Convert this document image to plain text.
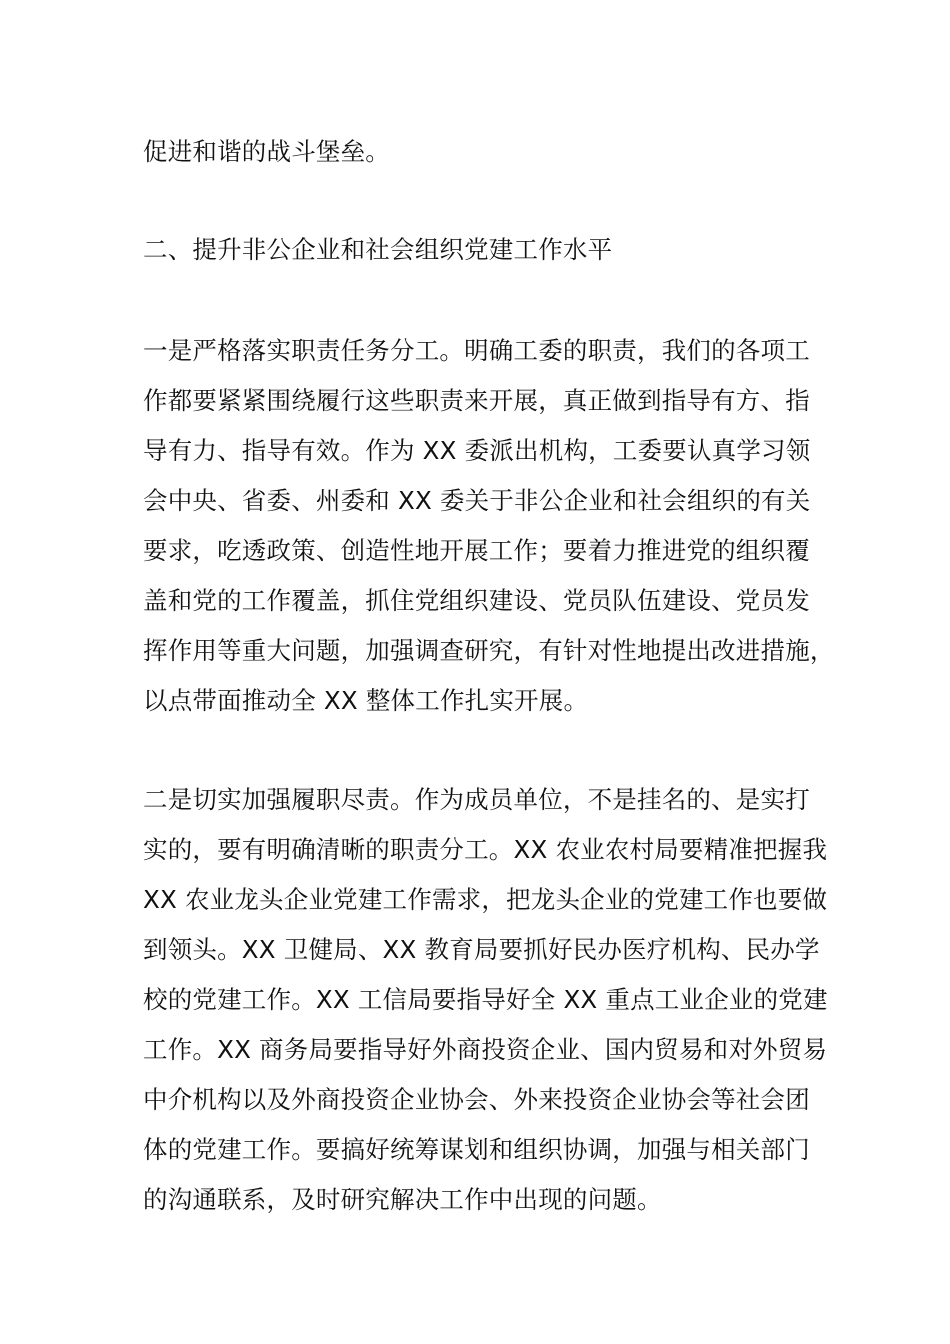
促进和谐的战斗堡垒。
二、提升非公企业和社会组织党建工作水平
一是严格落实职责任务分工。明确工委的职责，我们的各项工
作都要紧紧围绕履行这些职责来开展，真正做到指导有方、指
导有力、指导有效。作为 XX 委派出机构，工委要认真学习领
会中央、省委、州委和 XX 委关于非公企业和社会组织的有关
要求，吃透政策、创造性地开展工作；要着力推进党的组织覆
盖和党的工作覆盖，抓住党组织建设、党员队伍建设、党员发
挥作用等重大问题，加强调查研究，有针对性地提出改进措施，
以点带面推动全 XX 整体工作扎实开展。
二是切实加强履职尽责。作为成员单位，不是挂名的、是实打
实的，要有明确清晰的职责分工。XX 农业农村局要精准把握我
XX 农业龙头企业党建工作需求，把龙头企业的党建工作也要做
到领头。XX 卫健局、XX 教育局要抓好民办医疗机构、民办学
校的党建工作。XX 工信局要指导好全 XX 重点工业企业的党建
工作。XX 商务局要指导好外商投资企业、国内贸易和对外贸易
中介机构以及外商投资企业协会、外来投资企业协会等社会团
体的党建工作。要搞好统筹谋划和组织协调，加强与相关部门
的沟通联系，及时研究解决工作中出现的问题。
